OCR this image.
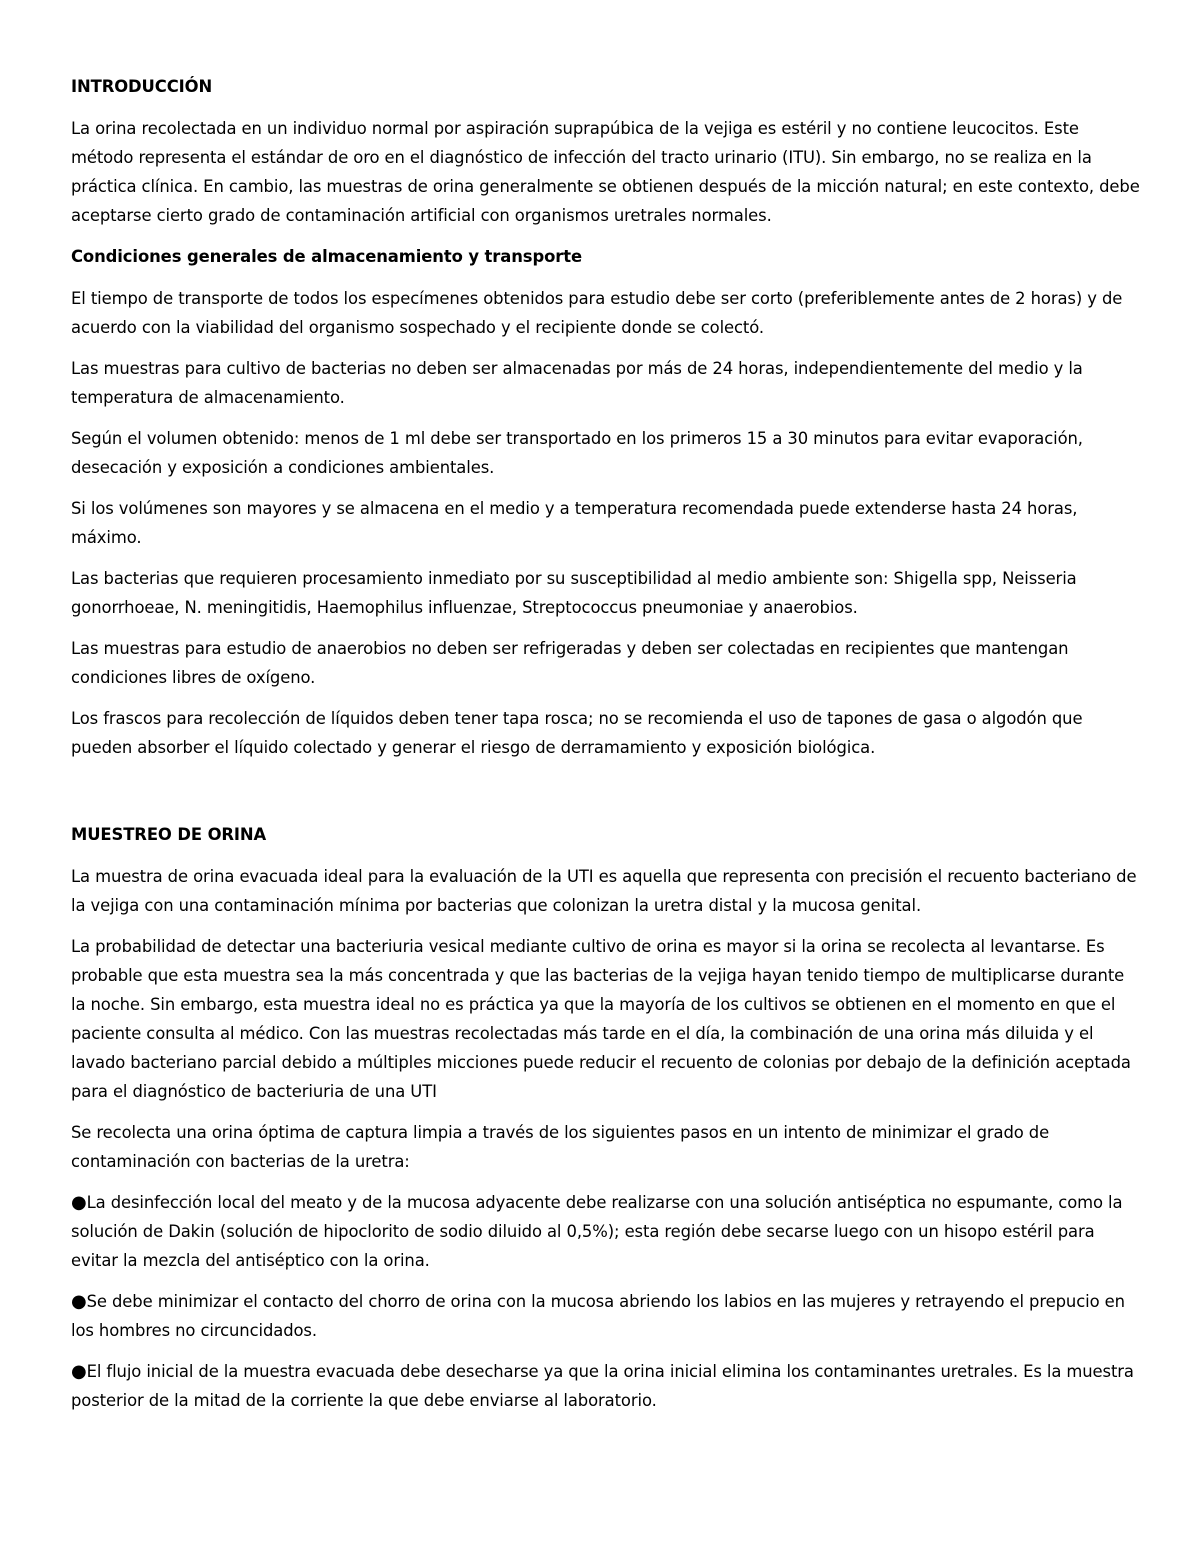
INTRODUCCIÓN
La orina recolectada en un individuo normal por aspiración suprapúbica de la vejiga es estéril y no contiene leucocitos. Este método representa el estándar de oro en el diagnóstico de infección del tracto urinario (ITU). Sin embargo, no se realiza en la práctica clínica. En cambio, las muestras de orina generalmente se obtienen después de la micción natural; en este contexto, debe aceptarse cierto grado de contaminación artificial con organismos uretrales normales.
Condiciones generales de almacenamiento y transporte
El tiempo de transporte de todos los especímenes obtenidos para estudio debe ser corto (preferiblemente antes de 2 horas) y de acuerdo con la viabilidad del organismo sospechado y el recipiente donde se colectó.
Las muestras para cultivo de bacterias no deben ser almacenadas por más de 24 horas, independientemente del medio y la temperatura de almacenamiento.
Según el volumen obtenido: menos de 1 ml debe ser transportado en los primeros 15 a 30 minutos para evitar evaporación, desecación y exposición a condiciones ambientales.
Si los volúmenes son mayores y se almacena en el medio y a temperatura recomendada puede extenderse hasta 24 horas, máximo.
Las bacterias que requieren procesamiento inmediato por su susceptibilidad al medio ambiente son: Shigella spp, Neisseria gonorrhoeae, N. meningitidis, Haemophilus influenzae, Streptococcus pneumoniae y anaerobios.
Las muestras para estudio de anaerobios no deben ser refrigeradas y deben ser colectadas en recipientes que mantengan condiciones libres de oxígeno.
Los frascos para recolección de líquidos deben tener tapa rosca; no se recomienda el uso de tapones de gasa o algodón que pueden absorber el líquido colectado y generar el riesgo de derramamiento y exposición biológica.
MUESTREO DE ORINA
La muestra de orina evacuada ideal para la evaluación de la UTI es aquella que representa con precisión el recuento bacteriano de la vejiga con una contaminación mínima por bacterias que colonizan la uretra distal y la mucosa genital.
La probabilidad de detectar una bacteriuria vesical mediante cultivo de orina es mayor si la orina se recolecta al levantarse. Es probable que esta muestra sea la más concentrada y que las bacterias de la vejiga hayan tenido tiempo de multiplicarse durante la noche. Sin embargo, esta muestra ideal no es práctica ya que la mayoría de los cultivos se obtienen en el momento en que el paciente consulta al médico. Con las muestras recolectadas más tarde en el día, la combinación de una orina más diluida y el lavado bacteriano parcial debido a múltiples micciones puede reducir el recuento de colonias por debajo de la definición aceptada para el diagnóstico de bacteriuria de una UTI
Se recolecta una orina óptima de captura limpia a través de los siguientes pasos en un intento de minimizar el grado de contaminación con bacterias de la uretra:
●La desinfección local del meato y de la mucosa adyacente debe realizarse con una solución antiséptica no espumante, como la solución de Dakin (solución de hipoclorito de sodio diluido al 0,5%); esta región debe secarse luego con un hisopo estéril para evitar la mezcla del antiséptico con la orina.
●Se debe minimizar el contacto del chorro de orina con la mucosa abriendo los labios en las mujeres y retrayendo el prepucio en los hombres no circuncidados.
●El flujo inicial de la muestra evacuada debe desecharse ya que la orina inicial elimina los contaminantes uretrales. Es la muestra posterior de la mitad de la corriente la que debe enviarse al laboratorio.
